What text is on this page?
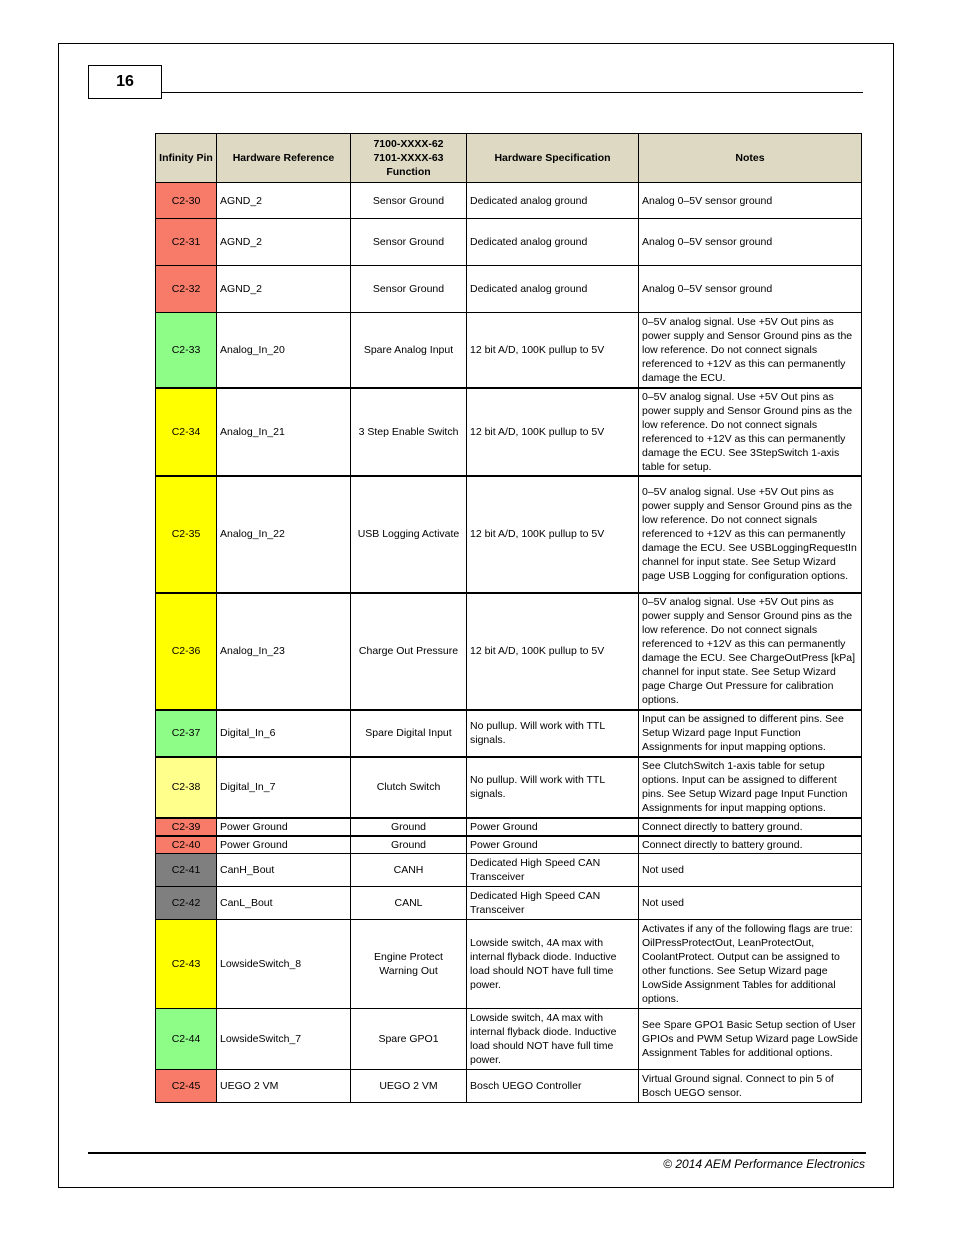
16
Infinity Pin	Hardware Reference	7100-XXXX-62
7101-XXXX-63
Function	Hardware Specification	Notes
C2-30	AGND_2	Sensor Ground	Dedicated analog ground	Analog 0–5V sensor ground
C2-31	AGND_2	Sensor Ground	Dedicated analog ground	Analog 0–5V sensor ground
C2-32	AGND_2	Sensor Ground	Dedicated analog ground	Analog 0–5V sensor ground
C2-33	Analog_In_20	Spare Analog Input	12 bit A/D, 100K pullup to 5V	0–5V analog signal. Use +5V Out pins as power supply and Sensor Ground pins as the low reference. Do not connect signals referenced to +12V as this can permanently damage the ECU.
C2-34	Analog_In_21	3 Step Enable Switch	12 bit A/D, 100K pullup to 5V	0–5V analog signal. Use +5V Out pins as power supply and Sensor Ground pins as the low reference. Do not connect signals referenced to +12V as this can permanently damage the ECU. See 3StepSwitch 1-axis table for setup.
C2-35	Analog_In_22	USB Logging Activate	12 bit A/D, 100K pullup to 5V	0–5V analog signal. Use +5V Out pins as power supply and Sensor Ground pins as the low reference. Do not connect signals referenced to +12V as this can permanently damage the ECU. See USBLoggingRequestIn channel for input state. See Setup Wizard page USB Logging for configuration options.
C2-36	Analog_In_23	Charge Out Pressure	12 bit A/D, 100K pullup to 5V	0–5V analog signal. Use +5V Out pins as power supply and Sensor Ground pins as the low reference. Do not connect signals referenced to +12V as this can permanently damage the ECU. See ChargeOutPress [kPa] channel for input state. See Setup Wizard page Charge Out Pressure for calibration options.
C2-37	Digital_In_6	Spare Digital Input	No pullup. Will work with TTL signals.	Input can be assigned to different pins. See Setup Wizard page Input Function Assignments for input mapping options.
C2-38	Digital_In_7	Clutch Switch	No pullup. Will work with TTL signals.	See ClutchSwitch 1-axis table for setup options. Input can be assigned to different pins. See Setup Wizard page Input Function Assignments for input mapping options.
C2-39	Power Ground	Ground	Power Ground	Connect directly to battery ground.
C2-40	Power Ground	Ground	Power Ground	Connect directly to battery ground.
C2-41	CanH_Bout	CANH	Dedicated High Speed CAN Transceiver	Not used
C2-42	CanL_Bout	CANL	Dedicated High Speed CAN Transceiver	Not used
C2-43	LowsideSwitch_8	Engine Protect Warning Out	Lowside switch, 4A max with internal flyback diode. Inductive load should NOT have full time power.	Activates if any of the following flags are true: OilPressProtectOut, LeanProtectOut, CoolantProtect. Output can be assigned to other functions. See Setup Wizard page LowSide Assignment Tables for additional options.
C2-44	LowsideSwitch_7	Spare GPO1	Lowside switch, 4A max with internal flyback diode. Inductive load should NOT have full time power.	See Spare GPO1 Basic Setup section of User GPIOs and PWM Setup Wizard page LowSide Assignment Tables for additional options.
C2-45	UEGO 2 VM	UEGO 2 VM	Bosch UEGO Controller	Virtual Ground signal. Connect to pin 5 of Bosch UEGO sensor.
© 2014 AEM Performance Electronics
